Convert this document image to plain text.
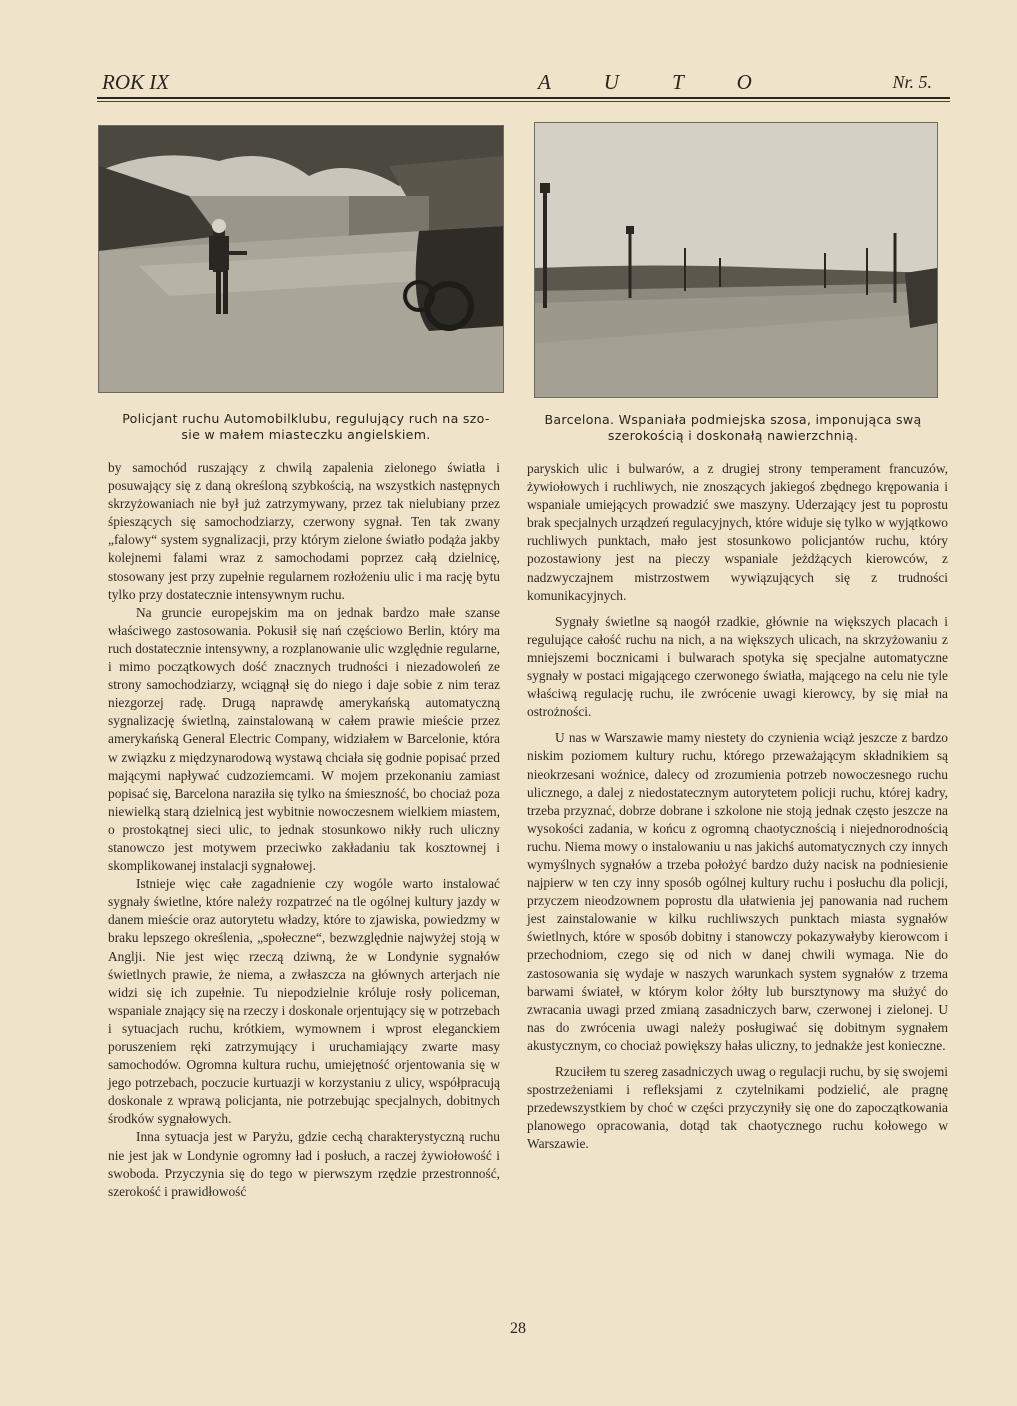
ROK IX	A U T O	Nr. 5.
Policjant ruchu Automobilklubu, regulujący ruch na szo-
sie w małem miasteczku angielskiem.
Barcelona. Wspaniała podmiejska szosa, imponująca swą
szerokością i doskonałą nawierzchnią.

by samochód ruszający z chwilą zapalenia zielonego światła i posuwający się z daną określoną szybkością, na wszystkich następnych skrzyżowaniach nie był już zatrzymywany, przez tak nielubiany przez śpieszących się samochodziarzy, czerwony sygnał. Ten tak zwany „falowy“ system sygnalizacji, przy którym zielone światło podąża jakby kolejnemi falami wraz z samochodami poprzez całą dzielnicę, stosowany jest przy zupełnie regularnem rozłożeniu ulic i ma rację bytu tylko przy dostatecznie intensywnym ruchu.

Na gruncie europejskim ma on jednak bardzo małe szanse właściwego zastosowania. Pokusił się nań częściowo Berlin, który ma ruch dostatecznie intensywny, a rozplanowanie ulic względnie regularne, i mimo początkowych dość znacznych trudności i niezadowoleń ze strony samochodziarzy, wciągnął się do niego i daje sobie z nim teraz niezgorzej radę. Drugą naprawdę amerykańską automatyczną sygnalizację świetlną, zainstalowaną w całem prawie mieście przez amerykańską General Electric Company, widziałem w Barcelonie, która w związku z międzynarodową wystawą chciała się godnie popisać przed mającymi napływać cudzoziemcami. W mojem przekonaniu zamiast popisać się, Barcelona naraziła się tylko na śmieszność, bo chociaż poza niewielką starą dzielnicą jest wybitnie nowoczesnem wielkiem miastem, o prostokątnej sieci ulic, to jednak stosunkowo nikły ruch uliczny stanowczo jest motywem przeciwko zakładaniu tak kosztownej i skomplikowanej instalacji sygnałowej.

Istnieje więc całe zagadnienie czy wogóle warto instalować sygnały świetlne, które należy rozpatrzeć na tle ogólnej kultury jazdy w danem mieście oraz autorytetu władzy, które to zjawiska, powiedzmy w braku lepszego określenia, „społeczne“, bezwzględnie najwyżej stoją w Anglji. Nie jest więc rzeczą dziwną, że w Londynie sygnałów świetlnych prawie, że niema, a zwłaszcza na głównych arterjach nie widzi się ich zupełnie. Tu niepodzielnie króluje rosły policeman, wspaniale znający się na rzeczy i doskonale orjentujący się w potrzebach i sytuacjach ruchu, krótkiem, wymownem i wprost eleganckiem poruszeniem ręki zatrzymujący i uruchamiający zwarte masy samochodów. Ogromna kultura ruchu, umiejętność orjentowania się w jego potrzebach, poczucie kurtuazji w korzystaniu z ulicy, współpracują doskonale z wprawą policjanta, nie potrzebując specjalnych, dobitnych środków sygnałowych.

Inna sytuacja jest w Paryżu, gdzie cechą charakterystyczną ruchu nie jest jak w Londynie ogromny ład i posłuch, a raczej żywiołowość i swoboda. Przyczynia się do tego w pierwszym rzędzie przestronność, szerokość i prawidłowość

paryskich ulic i bulwarów, a z drugiej strony temperament francuzów, żywiołowych i ruchliwych, nie znoszących jakiegoś zbędnego krępowania i wspaniale umiejących prowadzić swe maszyny. Uderzający jest tu poprostu brak specjalnych urządzeń regulacyjnych, które widuje się tylko w wyjątkowo ruchliwych punktach, mało jest stosunkowo policjantów ruchu, który pozostawiony jest na pieczy wspaniale jeżdżących kierowców, z nadzwyczajnem mistrzostwem wywiązujących się z trudności komunikacyjnych.

Sygnały świetlne są naogół rzadkie, głównie na większych placach i regulujące całość ruchu na nich, a na większych ulicach, na skrzyżowaniu z mniejszemi bocznicami i bulwarach spotyka się specjalne automatyczne sygnały w postaci migającego czerwonego światła, mającego na celu nie tyle właściwą regulację ruchu, ile zwrócenie uwagi kierowcy, by się miał na ostrożności.

U nas w Warszawie mamy niestety do czynienia wciąż jeszcze z bardzo niskim poziomem kultury ruchu, którego przeważającym składnikiem są nieokrzesani woźnice, dalecy od zrozumienia potrzeb nowoczesnego ruchu ulicznego, a dalej z niedostatecznym autorytetem policji ruchu, której kadry, trzeba przyznać, dobrze dobrane i szkolone nie stoją jednak często jeszcze na wysokości zadania, w końcu z ogromną chaotycznością i niejednorodnością ruchu. Niema mowy o instalowaniu u nas jakichś automatycznych czy innych wymyślnych sygnałów a trzeba położyć bardzo duży nacisk na podniesienie najpierw w ten czy inny sposób ogólnej kultury ruchu i posłuchu dla policji, przyczem nieodzownem poprostu dla ułatwienia jej panowania nad ruchem jest zainstalowanie w kilku ruchliwszych punktach miasta sygnałów świetlnych, które w sposób dobitny i stanowczy pokazywałyby kierowcom i przechodniom, czego się od nich w danej chwili wymaga. Nie do zastosowania się wydaje w naszych warunkach system sygnałów z trzema barwami świateł, w którym kolor żółty lub bursztynowy ma służyć do zwracania uwagi przed zmianą zasadniczych barw, czerwonej i zielonej. U nas do zwrócenia uwagi należy posługiwać się dobitnym sygnałem akustycznym, co chociaż powiększy hałas uliczny, to jednakże jest konieczne.

Rzuciłem tu szereg zasadniczych uwag o regulacji ruchu, by się swojemi spostrzeżeniami i refleksjami z czytelnikami podzielić, ale pragnę przedewszystkiem by choć w części przyczyniły się one do zapoczątkowania planowego opracowania, dotąd tak chaotycznego ruchu kołowego w Warszawie.

28
